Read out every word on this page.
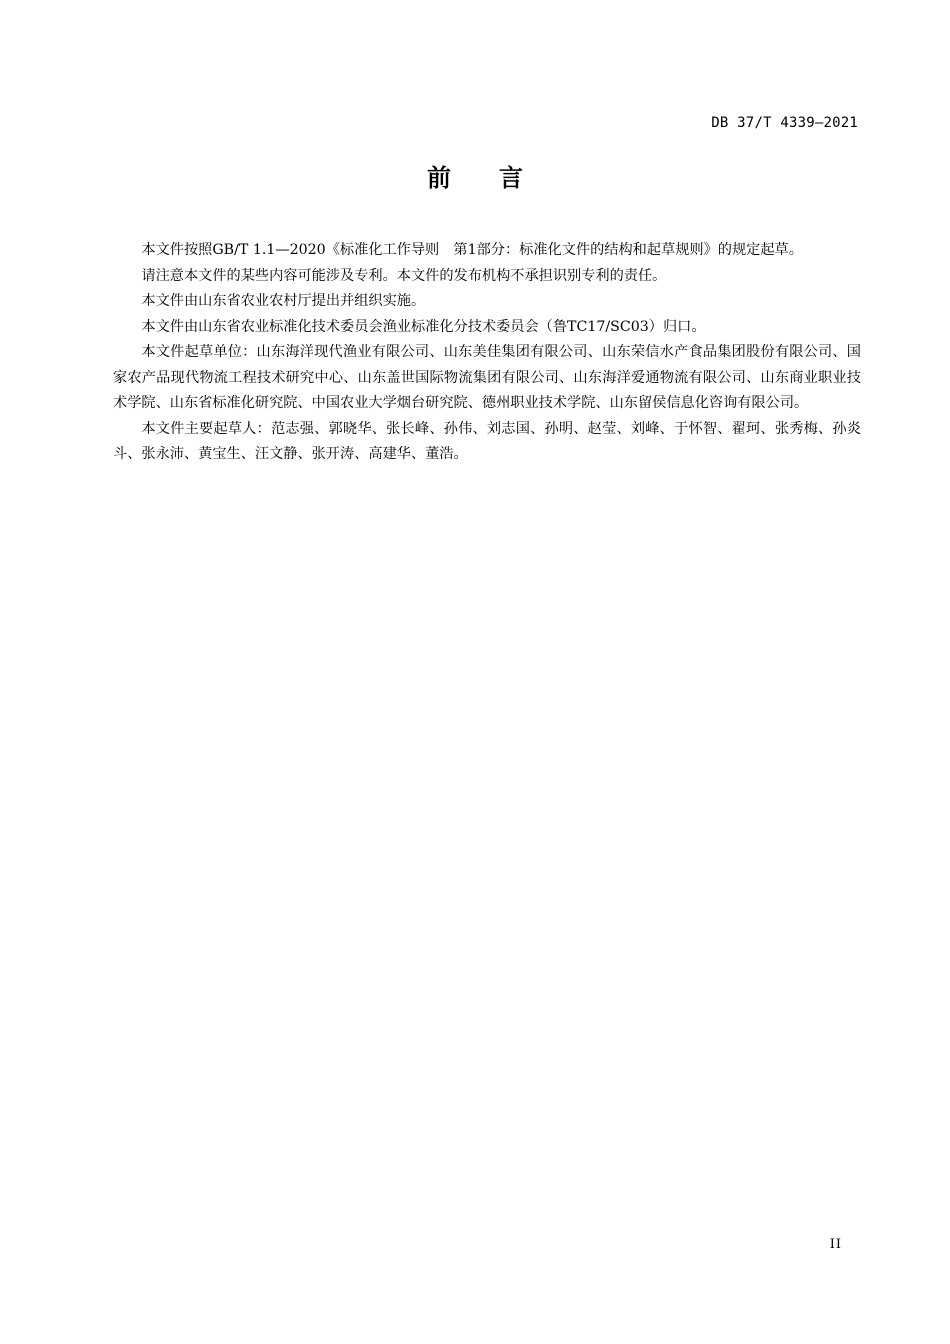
DB 37/T 4339—2021
前 言

本文件按照GB/T 1.1—2020《标准化工作导则　第1部分：标准化文件的结构和起草规则》的规定起草。

请注意本文件的某些内容可能涉及专利。本文件的发布机构不承担识别专利的责任。

本文件由山东省农业农村厅提出并组织实施。

本文件由山东省农业标准化技术委员会渔业标准化分技术委员会（鲁TC17/SC03）归口。

本文件起草单位：山东海洋现代渔业有限公司、山东美佳集团有限公司、山东荣信水产食品集团股份有限公司、国家农产品现代物流工程技术研究中心、山东盖世国际物流集团有限公司、山东海洋爱通物流有限公司、山东商业职业技术学院、山东省标准化研究院、中国农业大学烟台研究院、德州职业技术学院、山东留侯信息化咨询有限公司。

本文件主要起草人：范志强、郭晓华、张长峰、孙伟、刘志国、孙明、赵莹、刘峰、于怀智、翟珂、张秀梅、孙炎斗、张永沛、黄宝生、汪文静、张开涛、高建华、董浩。

II
